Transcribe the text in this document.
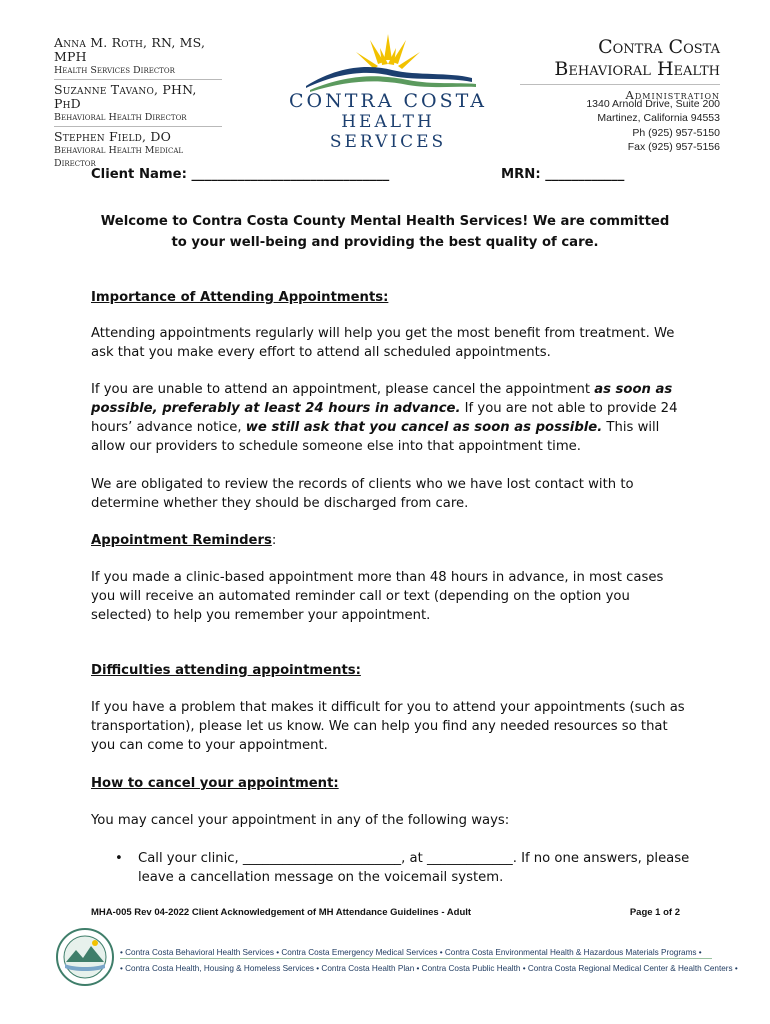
Anna M. Roth, RN, MS, MPH
Health Services Director
Suzanne Tavano, PHN, PhD
Behavioral Health Director
Stephen Field, DO
Behavioral Health Medical Director
CONTRA COSTA
HEALTH SERVICES
Contra Costa
Behavioral Health
Administration
1340 Arnold Drive, Suite 200
Martinez, California 94553
Ph (925) 957-5150
Fax (925) 957-5156
Client Name: ______________________________	MRN: ____________
Welcome to Contra Costa County Mental Health Services! We are committed
to your well-being and providing the best quality of care.
Importance of Attending Appointments:
Attending appointments regularly will help you get the most benefit from treatment. We ask that you make every effort to attend all scheduled appointments.
If you are unable to attend an appointment, please cancel the appointment as soon as possible, preferably at least 24 hours in advance. If you are not able to provide 24 hours’ advance notice, we still ask that you cancel as soon as possible. This will allow our providers to schedule someone else into that appointment time.
We are obligated to review the records of clients who we have lost contact with to determine whether they should be discharged from care.
Appointment Reminders:
If you made a clinic-based appointment more than 48 hours in advance, in most cases you will receive an automated reminder call or text (depending on the option you selected) to help you remember your appointment.
Difficulties attending appointments:
If you have a problem that makes it difficult for you to attend your appointments (such as transportation), please let us know. We can help you find any needed resources so that you can come to your appointment.
How to cancel your appointment:
You may cancel your appointment in any of the following ways:
• Call your clinic, ________________________, at _____________. If no one answers, please leave a cancellation message on the voicemail system.
MHA-005 Rev 04-2022 Client Acknowledgement of MH Attendance Guidelines - Adult	Page 1 of 2
• Contra Costa Behavioral Health Services • Contra Costa Emergency Medical Services • Contra Costa Environmental Health & Hazardous Materials Programs •
• Contra Costa Health, Housing & Homeless Services • Contra Costa Health Plan • Contra Costa Public Health • Contra Costa Regional Medical Center & Health Centers •
